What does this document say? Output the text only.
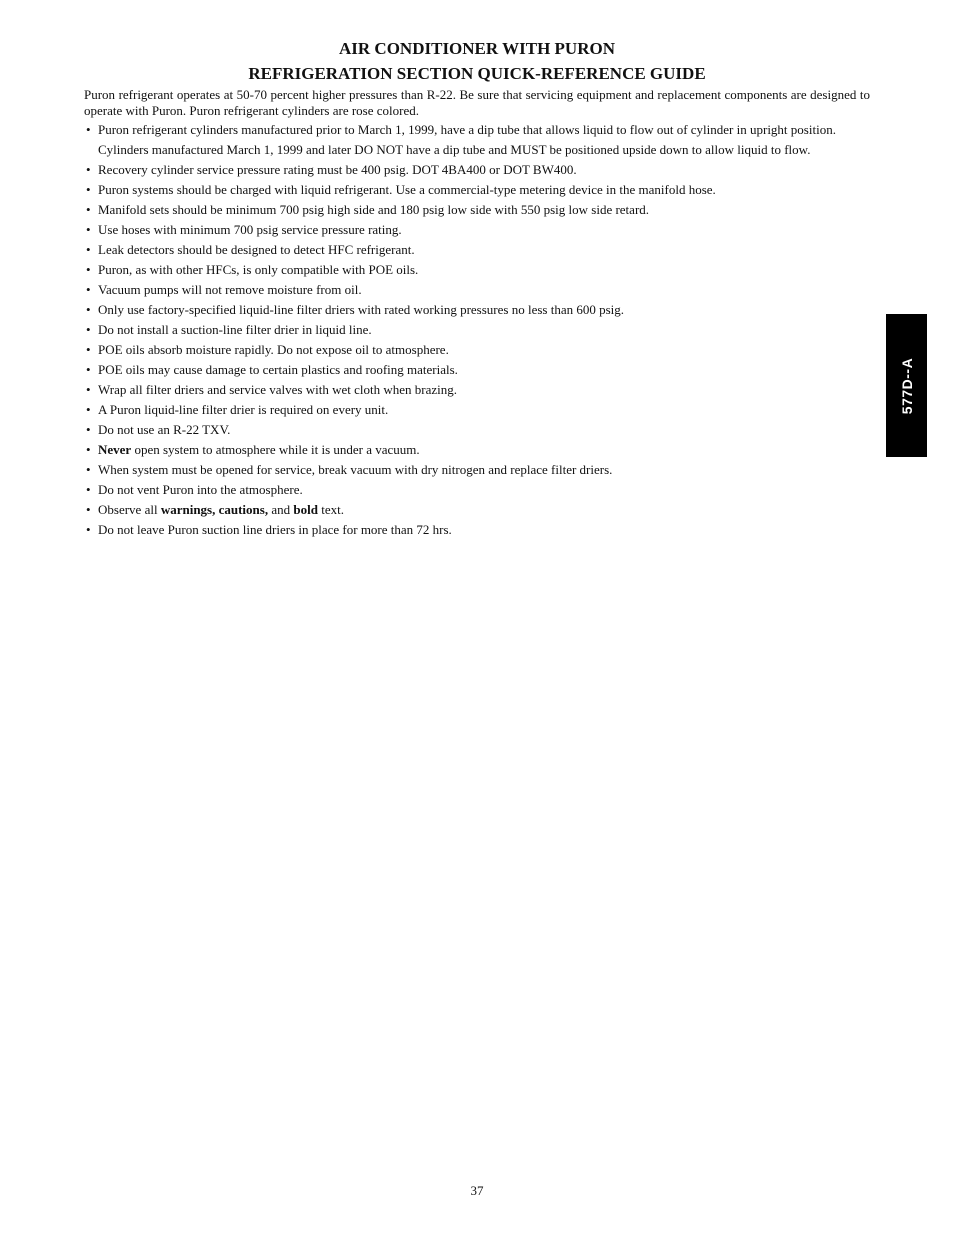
AIR CONDITIONER WITH PURON
REFRIGERATION SECTION QUICK-REFERENCE GUIDE

Puron refrigerant operates at 50-70 percent higher pressures than R-22. Be sure that servicing equipment and replacement components are designed to operate with Puron. Puron refrigerant cylinders are rose colored.

• Puron refrigerant cylinders manufactured prior to March 1, 1999, have a dip tube that allows liquid to flow out of cylinder in upright position. Cylinders manufactured March 1, 1999 and later DO NOT have a dip tube and MUST be positioned upside down to allow liquid to flow.
• Recovery cylinder service pressure rating must be 400 psig. DOT 4BA400 or DOT BW400.
• Puron systems should be charged with liquid refrigerant. Use a commercial-type metering device in the manifold hose.
• Manifold sets should be minimum 700 psig high side and 180 psig low side with 550 psig low side retard.
• Use hoses with minimum 700 psig service pressure rating.
• Leak detectors should be designed to detect HFC refrigerant.
• Puron, as with other HFCs, is only compatible with POE oils.
• Vacuum pumps will not remove moisture from oil.
• Only use factory-specified liquid-line filter driers with rated working pressures no less than 600 psig.
• Do not install a suction-line filter drier in liquid line.
• POE oils absorb moisture rapidly. Do not expose oil to atmosphere.
• POE oils may cause damage to certain plastics and roofing materials.
• Wrap all filter driers and service valves with wet cloth when brazing.
• A Puron liquid-line filter drier is required on every unit.
• Do not use an R-22 TXV.
• Never open system to atmosphere while it is under a vacuum.
• When system must be opened for service, break vacuum with dry nitrogen and replace filter driers.
• Do not vent Puron into the atmosphere.
• Observe all warnings, cautions, and bold text.
• Do not leave Puron suction line driers in place for more than 72 hrs.
577D--A

37
